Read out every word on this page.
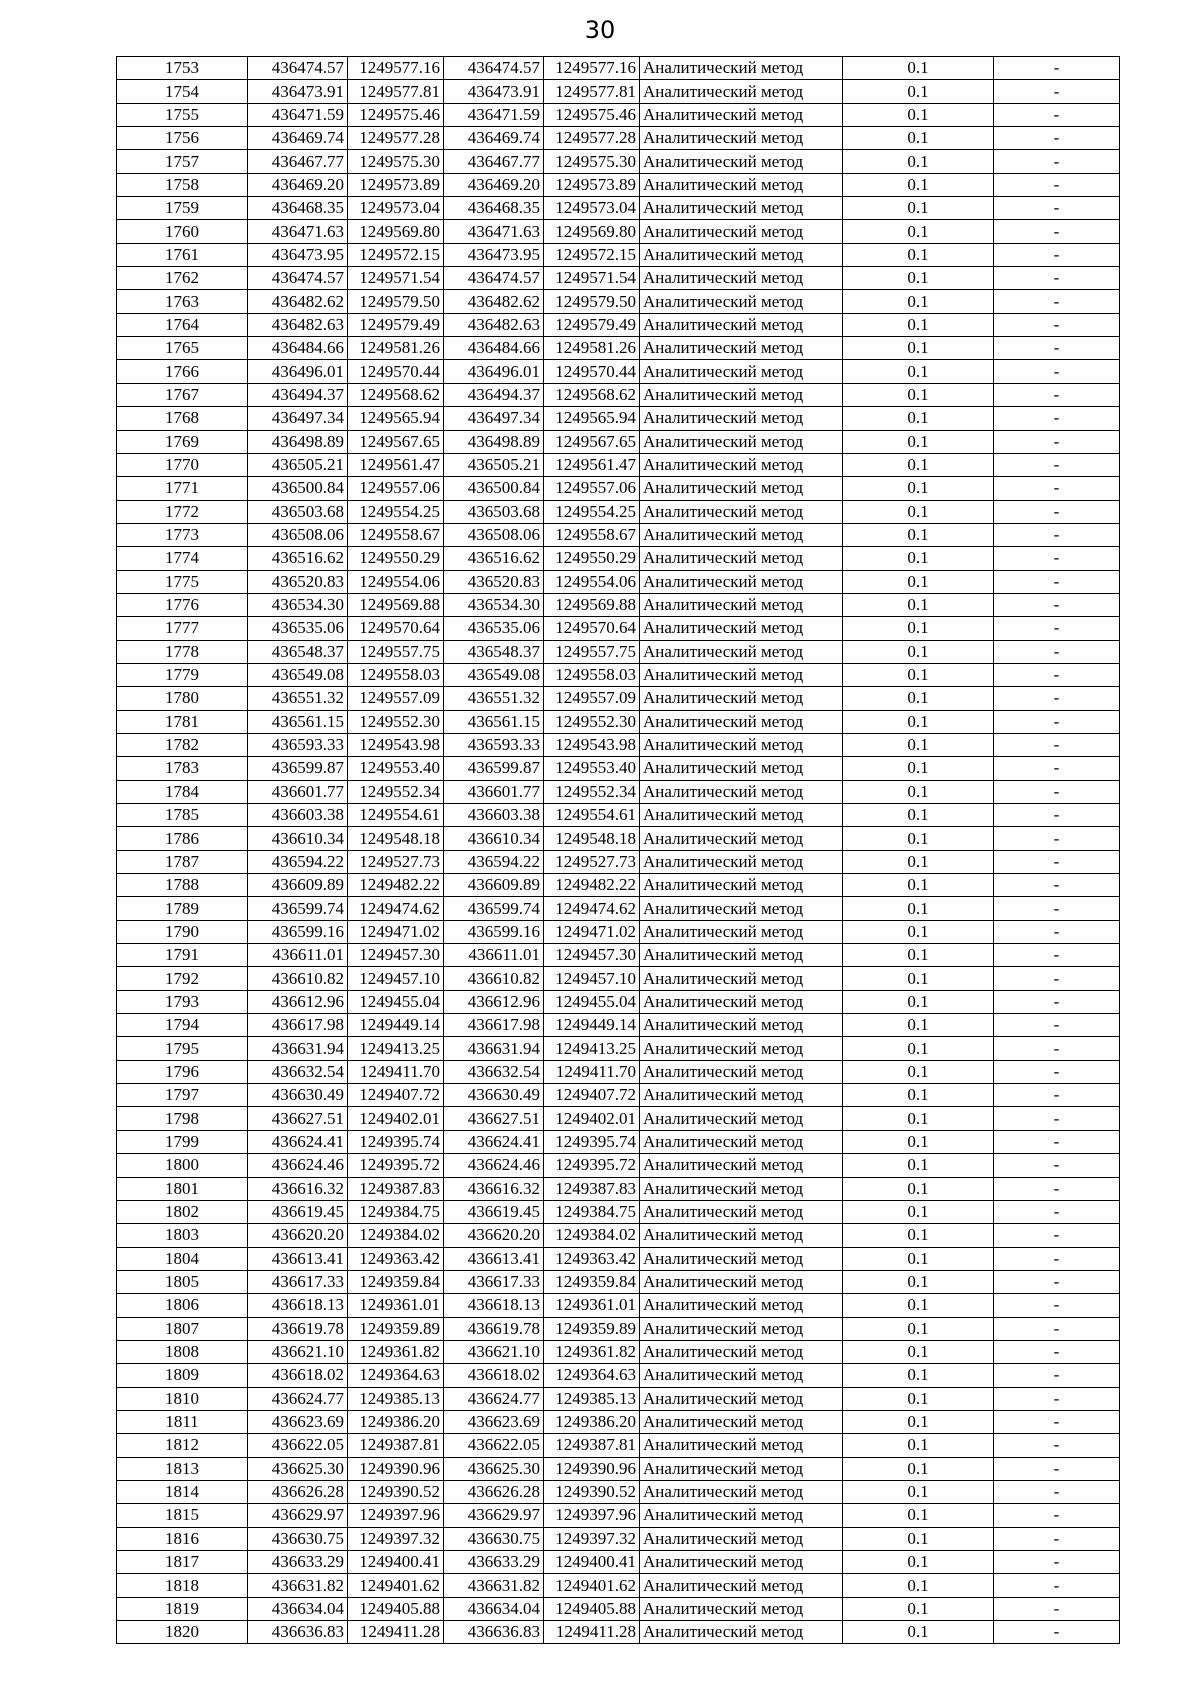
30
1753	436474.57	1249577.16	436474.57	1249577.16	Аналитический метод	0.1	-
1754	436473.91	1249577.81	436473.91	1249577.81	Аналитический метод	0.1	-
1755	436471.59	1249575.46	436471.59	1249575.46	Аналитический метод	0.1	-
1756	436469.74	1249577.28	436469.74	1249577.28	Аналитический метод	0.1	-
1757	436467.77	1249575.30	436467.77	1249575.30	Аналитический метод	0.1	-
1758	436469.20	1249573.89	436469.20	1249573.89	Аналитический метод	0.1	-
1759	436468.35	1249573.04	436468.35	1249573.04	Аналитический метод	0.1	-
1760	436471.63	1249569.80	436471.63	1249569.80	Аналитический метод	0.1	-
1761	436473.95	1249572.15	436473.95	1249572.15	Аналитический метод	0.1	-
1762	436474.57	1249571.54	436474.57	1249571.54	Аналитический метод	0.1	-
1763	436482.62	1249579.50	436482.62	1249579.50	Аналитический метод	0.1	-
1764	436482.63	1249579.49	436482.63	1249579.49	Аналитический метод	0.1	-
1765	436484.66	1249581.26	436484.66	1249581.26	Аналитический метод	0.1	-
1766	436496.01	1249570.44	436496.01	1249570.44	Аналитический метод	0.1	-
1767	436494.37	1249568.62	436494.37	1249568.62	Аналитический метод	0.1	-
1768	436497.34	1249565.94	436497.34	1249565.94	Аналитический метод	0.1	-
1769	436498.89	1249567.65	436498.89	1249567.65	Аналитический метод	0.1	-
1770	436505.21	1249561.47	436505.21	1249561.47	Аналитический метод	0.1	-
1771	436500.84	1249557.06	436500.84	1249557.06	Аналитический метод	0.1	-
1772	436503.68	1249554.25	436503.68	1249554.25	Аналитический метод	0.1	-
1773	436508.06	1249558.67	436508.06	1249558.67	Аналитический метод	0.1	-
1774	436516.62	1249550.29	436516.62	1249550.29	Аналитический метод	0.1	-
1775	436520.83	1249554.06	436520.83	1249554.06	Аналитический метод	0.1	-
1776	436534.30	1249569.88	436534.30	1249569.88	Аналитический метод	0.1	-
1777	436535.06	1249570.64	436535.06	1249570.64	Аналитический метод	0.1	-
1778	436548.37	1249557.75	436548.37	1249557.75	Аналитический метод	0.1	-
1779	436549.08	1249558.03	436549.08	1249558.03	Аналитический метод	0.1	-
1780	436551.32	1249557.09	436551.32	1249557.09	Аналитический метод	0.1	-
1781	436561.15	1249552.30	436561.15	1249552.30	Аналитический метод	0.1	-
1782	436593.33	1249543.98	436593.33	1249543.98	Аналитический метод	0.1	-
1783	436599.87	1249553.40	436599.87	1249553.40	Аналитический метод	0.1	-
1784	436601.77	1249552.34	436601.77	1249552.34	Аналитический метод	0.1	-
1785	436603.38	1249554.61	436603.38	1249554.61	Аналитический метод	0.1	-
1786	436610.34	1249548.18	436610.34	1249548.18	Аналитический метод	0.1	-
1787	436594.22	1249527.73	436594.22	1249527.73	Аналитический метод	0.1	-
1788	436609.89	1249482.22	436609.89	1249482.22	Аналитический метод	0.1	-
1789	436599.74	1249474.62	436599.74	1249474.62	Аналитический метод	0.1	-
1790	436599.16	1249471.02	436599.16	1249471.02	Аналитический метод	0.1	-
1791	436611.01	1249457.30	436611.01	1249457.30	Аналитический метод	0.1	-
1792	436610.82	1249457.10	436610.82	1249457.10	Аналитический метод	0.1	-
1793	436612.96	1249455.04	436612.96	1249455.04	Аналитический метод	0.1	-
1794	436617.98	1249449.14	436617.98	1249449.14	Аналитический метод	0.1	-
1795	436631.94	1249413.25	436631.94	1249413.25	Аналитический метод	0.1	-
1796	436632.54	1249411.70	436632.54	1249411.70	Аналитический метод	0.1	-
1797	436630.49	1249407.72	436630.49	1249407.72	Аналитический метод	0.1	-
1798	436627.51	1249402.01	436627.51	1249402.01	Аналитический метод	0.1	-
1799	436624.41	1249395.74	436624.41	1249395.74	Аналитический метод	0.1	-
1800	436624.46	1249395.72	436624.46	1249395.72	Аналитический метод	0.1	-
1801	436616.32	1249387.83	436616.32	1249387.83	Аналитический метод	0.1	-
1802	436619.45	1249384.75	436619.45	1249384.75	Аналитический метод	0.1	-
1803	436620.20	1249384.02	436620.20	1249384.02	Аналитический метод	0.1	-
1804	436613.41	1249363.42	436613.41	1249363.42	Аналитический метод	0.1	-
1805	436617.33	1249359.84	436617.33	1249359.84	Аналитический метод	0.1	-
1806	436618.13	1249361.01	436618.13	1249361.01	Аналитический метод	0.1	-
1807	436619.78	1249359.89	436619.78	1249359.89	Аналитический метод	0.1	-
1808	436621.10	1249361.82	436621.10	1249361.82	Аналитический метод	0.1	-
1809	436618.02	1249364.63	436618.02	1249364.63	Аналитический метод	0.1	-
1810	436624.77	1249385.13	436624.77	1249385.13	Аналитический метод	0.1	-
1811	436623.69	1249386.20	436623.69	1249386.20	Аналитический метод	0.1	-
1812	436622.05	1249387.81	436622.05	1249387.81	Аналитический метод	0.1	-
1813	436625.30	1249390.96	436625.30	1249390.96	Аналитический метод	0.1	-
1814	436626.28	1249390.52	436626.28	1249390.52	Аналитический метод	0.1	-
1815	436629.97	1249397.96	436629.97	1249397.96	Аналитический метод	0.1	-
1816	436630.75	1249397.32	436630.75	1249397.32	Аналитический метод	0.1	-
1817	436633.29	1249400.41	436633.29	1249400.41	Аналитический метод	0.1	-
1818	436631.82	1249401.62	436631.82	1249401.62	Аналитический метод	0.1	-
1819	436634.04	1249405.88	436634.04	1249405.88	Аналитический метод	0.1	-
1820	436636.83	1249411.28	436636.83	1249411.28	Аналитический метод	0.1	-
